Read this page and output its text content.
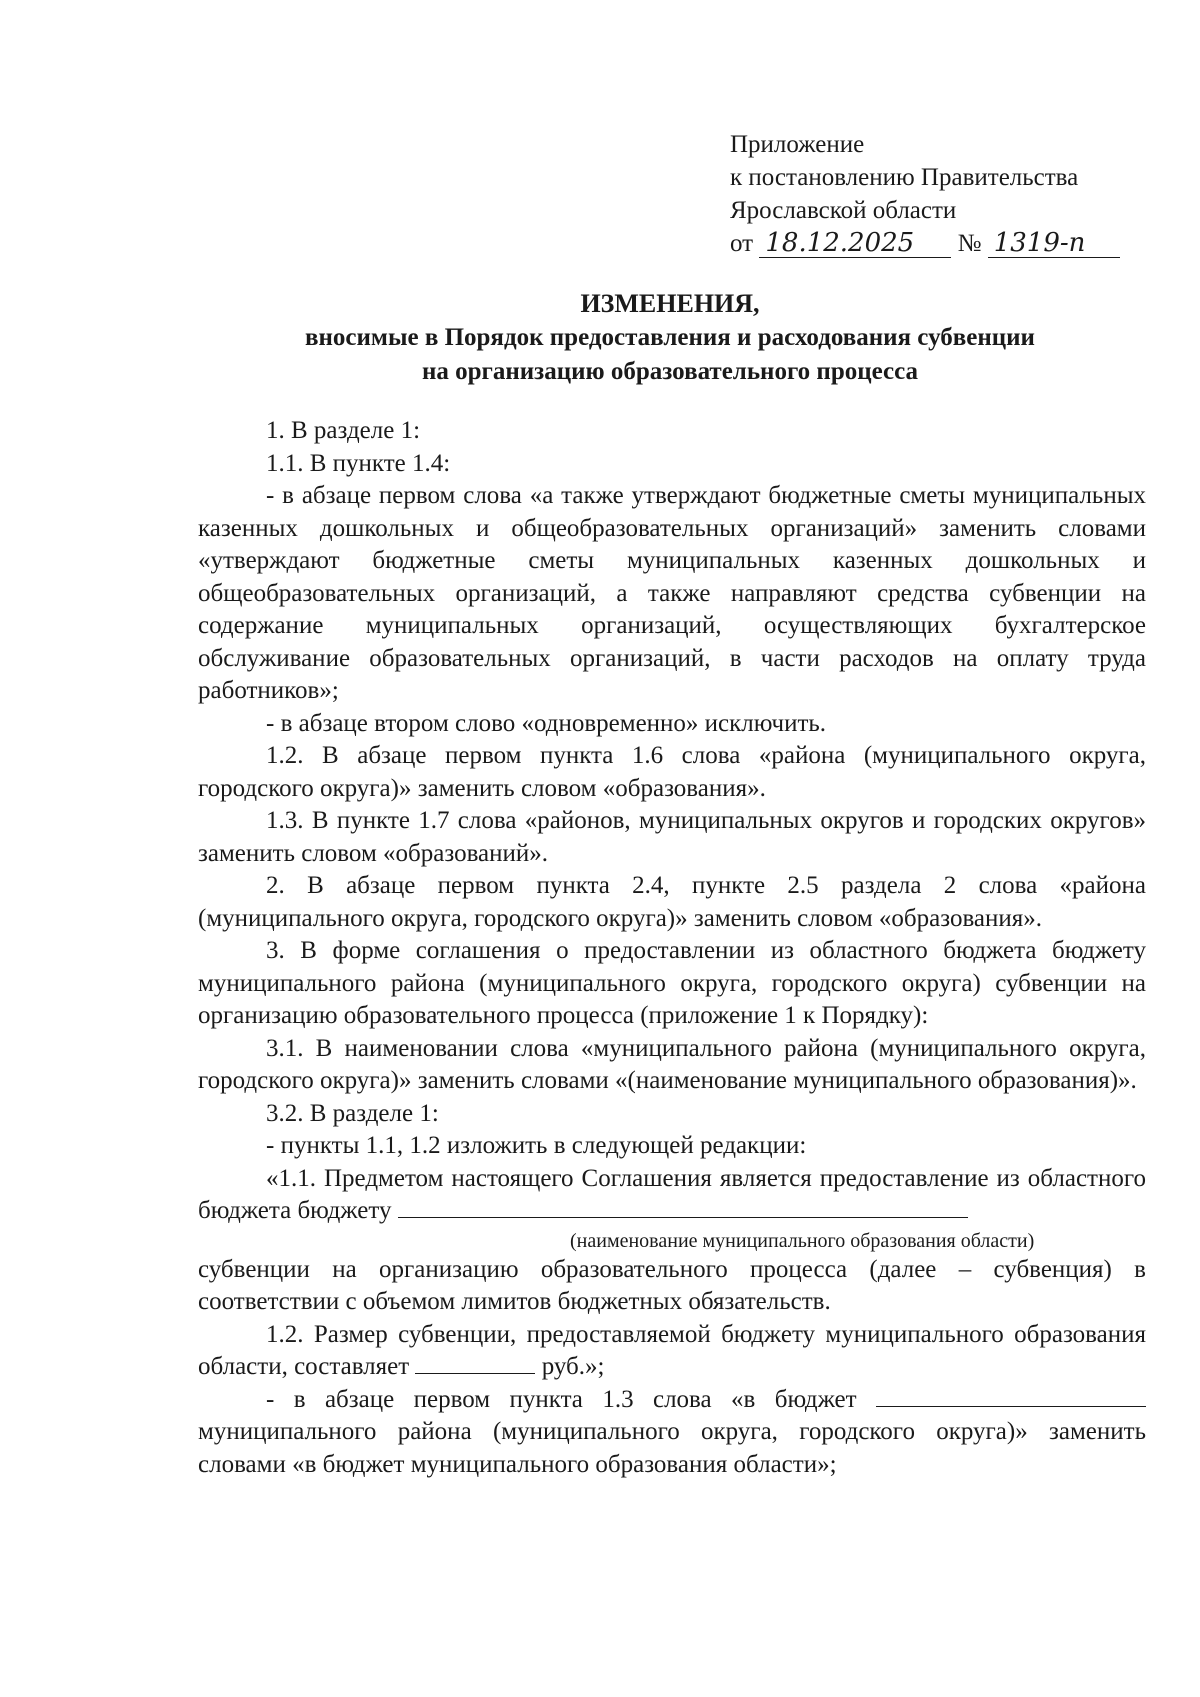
Приложение
к постановлению Правительства
Ярославской области
от 18.12.2025 № 1319-п
ИЗМЕНЕНИЯ,
вносимые в Порядок предоставления и расходования субвенции
на организацию образовательного процесса

1. В разделе 1:

1.1. В пункте 1.4:

- в абзаце первом слова «а также утверждают бюджетные сметы муниципальных казенных дошкольных и общеобразовательных организаций» заменить словами «утверждают бюджетные сметы муниципальных казенных дошкольных и общеобразовательных организаций, а также направляют средства субвенции на содержание муниципальных организаций, осуществляющих бухгалтерское обслуживание образовательных организаций, в части расходов на оплату труда работников»;

- в абзаце втором слово «одновременно» исключить.

1.2. В абзаце первом пункта 1.6 слова «района (муниципального округа, городского округа)» заменить словом «образования».

1.3. В пункте 1.7 слова «районов, муниципальных округов и городских округов» заменить словом «образований».

2. В абзаце первом пункта 2.4, пункте 2.5 раздела 2 слова «района (муниципального округа, городского округа)» заменить словом «образования».

3. В форме соглашения о предоставлении из областного бюджета бюджету муниципального района (муниципального округа, городского округа) субвенции на организацию образовательного процесса (приложение 1 к Порядку):

3.1. В наименовании слова «муниципального района (муниципального округа, городского округа)» заменить словами «(наименование муниципального образования)».

3.2. В разделе 1:

- пункты 1.1, 1.2 изложить в следующей редакции:

«1.1. Предметом настоящего Соглашения является предоставление из областного бюджета бюджету

(наименование муниципального образования области)

субвенции на организацию образовательного процесса (далее – субвенция) в соответствии с объемом лимитов бюджетных обязательств.

1.2. Размер субвенции, предоставляемой бюджету муниципального образования области, составляет	руб.»;

- в абзаце первом пункта 1.3 слова «в бюджет  муниципального района (муниципального округа, городского округа)» заменить словами «в бюджет муниципального образования области»;
